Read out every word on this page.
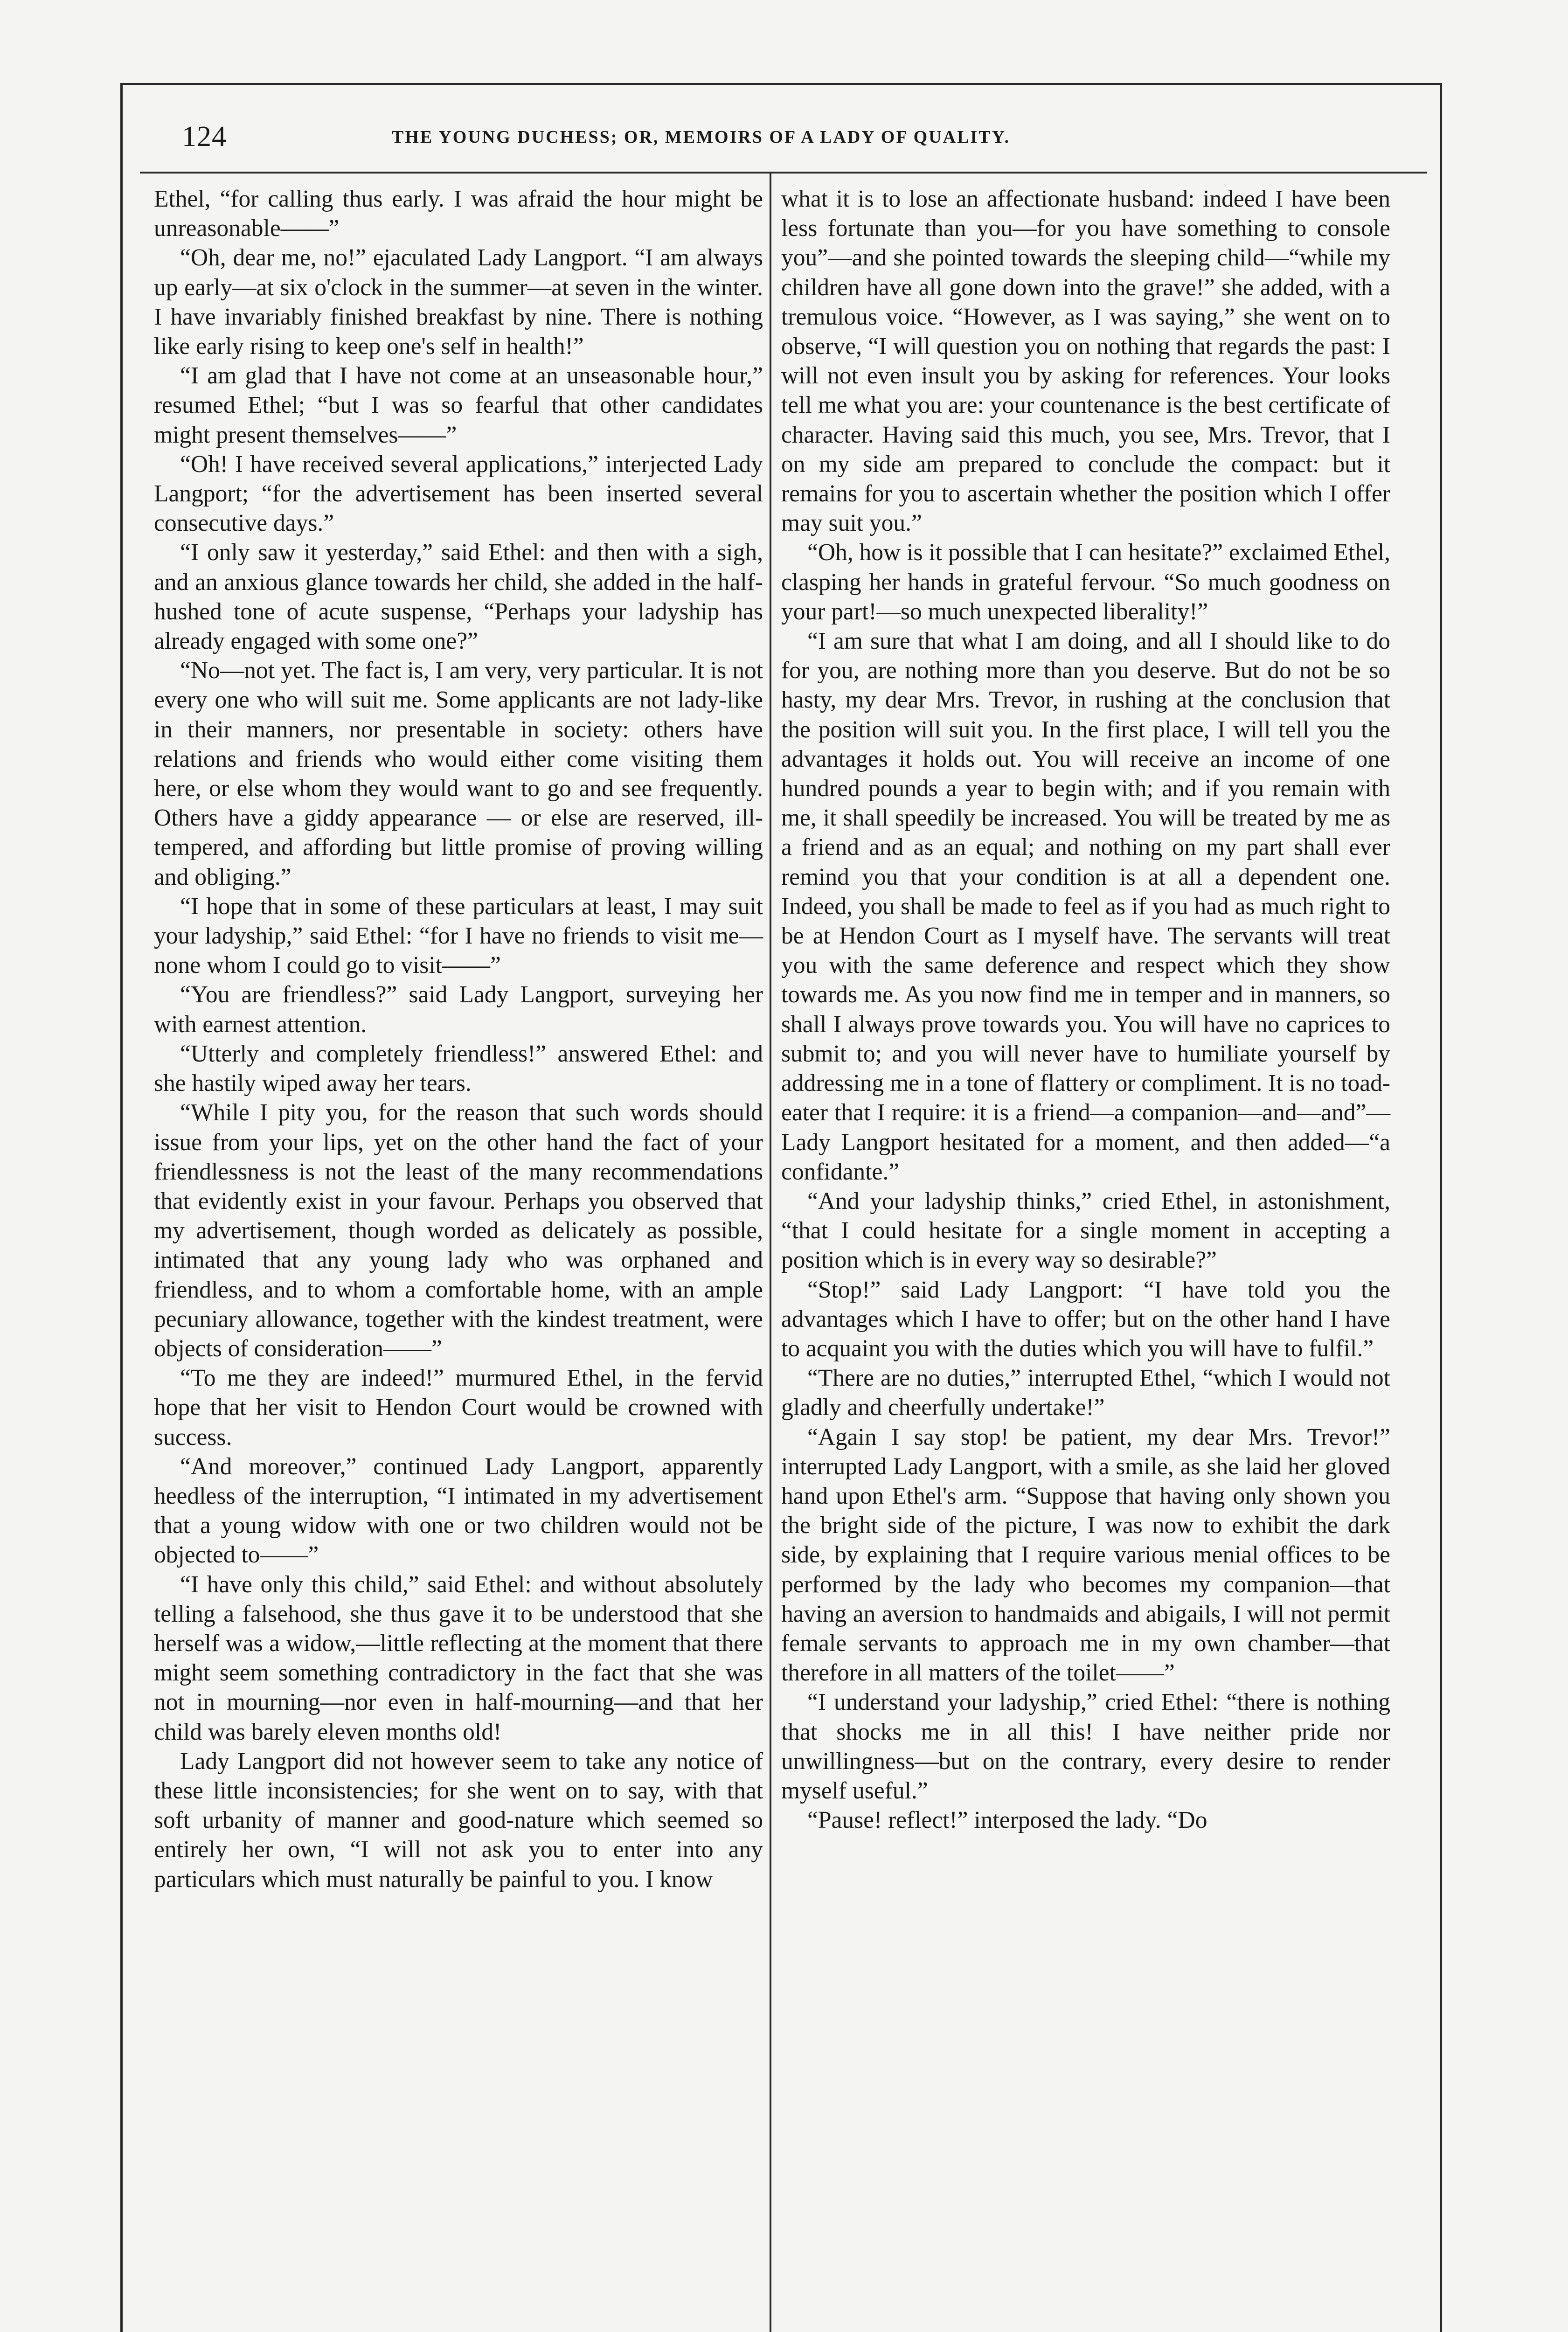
124	THE YOUNG DUCHESS; OR, MEMOIRS OF A LADY OF QUALITY.

Ethel, “for calling thus early. I was afraid the hour might be unreasonable——”

“Oh, dear me, no!” ejaculated Lady Langport. “I am always up early—at six o'clock in the summer—at seven in the winter. I have invariably finished breakfast by nine. There is nothing like early rising to keep one's self in health!”

“I am glad that I have not come at an unseasonable hour,” resumed Ethel; “but I was so fearful that other candidates might present themselves——”

“Oh! I have received several applications,” interjected Lady Langport; “for the advertisement has been inserted several consecutive days.”

“I only saw it yesterday,” said Ethel: and then with a sigh, and an anxious glance towards her child, she added in the half-hushed tone of acute suspense, “Perhaps your ladyship has already engaged with some one?”

“No—not yet. The fact is, I am very, very particular. It is not every one who will suit me. Some applicants are not lady-like in their manners, nor presentable in society: others have relations and friends who would either come visiting them here, or else whom they would want to go and see frequently. Others have a giddy appearance — or else are reserved, ill-tempered, and affording but little promise of proving willing and obliging.”

“I hope that in some of these particulars at least, I may suit your ladyship,” said Ethel: “for I have no friends to visit me—none whom I could go to visit——”

“You are friendless?” said Lady Langport, surveying her with earnest attention.

“Utterly and completely friendless!” answered Ethel: and she hastily wiped away her tears.

“While I pity you, for the reason that such words should issue from your lips, yet on the other hand the fact of your friendlessness is not the least of the many recommendations that evidently exist in your favour. Perhaps you observed that my advertisement, though worded as delicately as possible, intimated that any young lady who was orphaned and friendless, and to whom a comfortable home, with an ample pecuniary allowance, together with the kindest treatment, were objects of consideration——”

“To me they are indeed!” murmured Ethel, in the fervid hope that her visit to Hendon Court would be crowned with success.

“And moreover,” continued Lady Langport, apparently heedless of the interruption, “I intimated in my advertisement that a young widow with one or two children would not be objected to——”

“I have only this child,” said Ethel: and without absolutely telling a falsehood, she thus gave it to be understood that she herself was a widow,—little reflecting at the moment that there might seem something contradictory in the fact that she was not in mourning—nor even in half-mourning—and that her child was barely eleven months old!

Lady Langport did not however seem to take any notice of these little inconsistencies; for she went on to say, with that soft urbanity of manner and good-nature which seemed so entirely her own, “I will not ask you to enter into any particulars which must naturally be painful to you. I know

what it is to lose an affectionate husband: indeed I have been less fortunate than you—for you have something to console you”—and she pointed towards the sleeping child—“while my children have all gone down into the grave!” she added, with a tremulous voice. “However, as I was saying,” she went on to observe, “I will question you on nothing that regards the past: I will not even insult you by asking for references. Your looks tell me what you are: your countenance is the best certificate of character. Having said this much, you see, Mrs. Trevor, that I on my side am prepared to conclude the compact: but it remains for you to ascertain whether the position which I offer may suit you.”

“Oh, how is it possible that I can hesitate?” exclaimed Ethel, clasping her hands in grateful fervour. “So much goodness on your part!—so much unexpected liberality!”

“I am sure that what I am doing, and all I should like to do for you, are nothing more than you deserve. But do not be so hasty, my dear Mrs. Trevor, in rushing at the conclusion that the position will suit you. In the first place, I will tell you the advantages it holds out. You will receive an income of one hundred pounds a year to begin with; and if you remain with me, it shall speedily be increased. You will be treated by me as a friend and as an equal; and nothing on my part shall ever remind you that your condition is at all a dependent one. Indeed, you shall be made to feel as if you had as much right to be at Hendon Court as I myself have. The servants will treat you with the same deference and respect which they show towards me. As you now find me in temper and in manners, so shall I always prove towards you. You will have no caprices to submit to; and you will never have to humiliate yourself by addressing me in a tone of flattery or compliment. It is no toad-eater that I require: it is a friend—a companion—and—and”—Lady Langport hesitated for a moment, and then added—“a confidante.”

“And your ladyship thinks,” cried Ethel, in astonishment, “that I could hesitate for a single moment in accepting a position which is in every way so desirable?”

“Stop!” said Lady Langport: “I have told you the advantages which I have to offer; but on the other hand I have to acquaint you with the duties which you will have to fulfil.”

“There are no duties,” interrupted Ethel, “which I would not gladly and cheerfully undertake!”

“Again I say stop! be patient, my dear Mrs. Trevor!” interrupted Lady Langport, with a smile, as she laid her gloved hand upon Ethel's arm. “Suppose that having only shown you the bright side of the picture, I was now to exhibit the dark side, by explaining that I require various menial offices to be performed by the lady who becomes my companion—that having an aversion to handmaids and abigails, I will not permit female servants to approach me in my own chamber—that therefore in all matters of the toilet——”

“I understand your ladyship,” cried Ethel: “there is nothing that shocks me in all this! I have neither pride nor unwillingness—but on the contrary, every desire to render myself useful.”

“Pause! reflect!” interposed the lady. “Do
